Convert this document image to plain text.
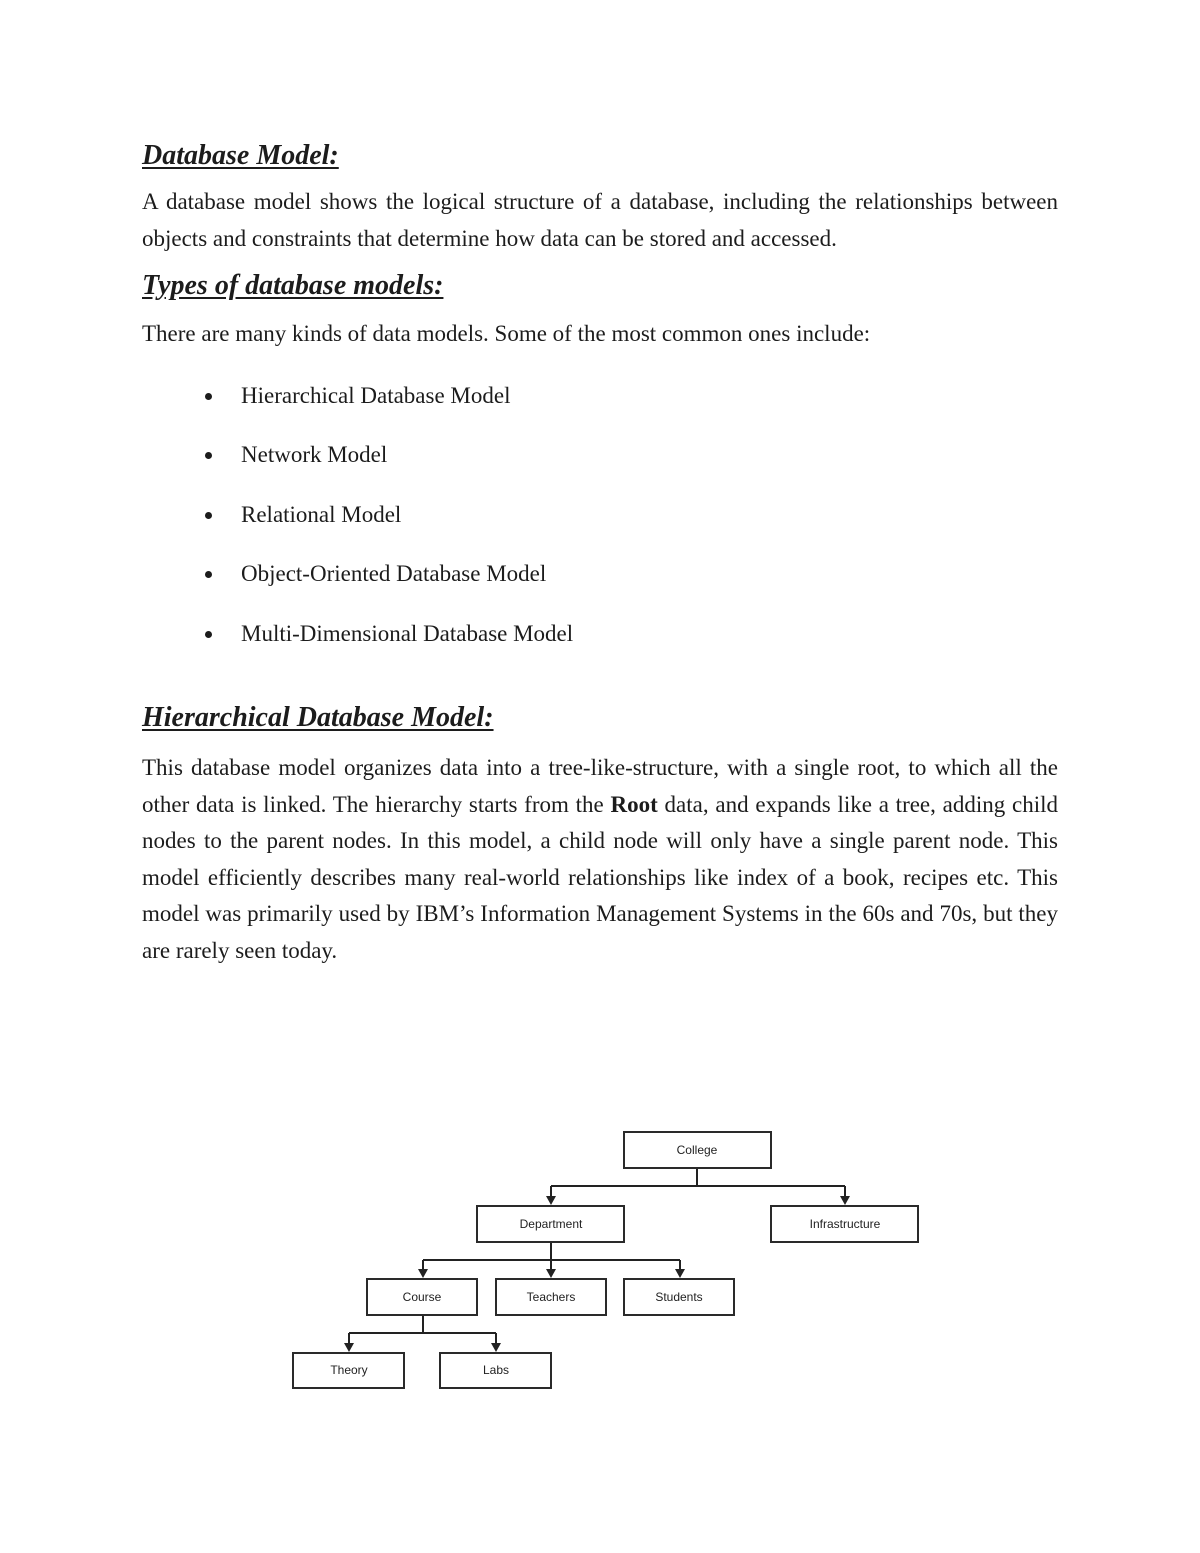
Database Model:

A database model shows the logical structure of a database, including the relationships between objects and constraints that determine how data can be stored and accessed.

Types of database models:

There are many kinds of data models. Some of the most common ones include:

Hierarchical Database Model
Network Model
Relational Model
Object-Oriented Database Model
Multi-Dimensional Database Model
Hierarchical Database Model:

This database model organizes data into a tree-like-structure, with a single root, to which all the other data is linked. The hierarchy starts from the Root data, and expands like a tree, adding child nodes to the parent nodes. In this model, a child node will only have a single parent node. This model efficiently describes many real-world relationships like index of a book, recipes etc. This model was primarily used by IBM’s Information Management Systems in the 60s and 70s, but they are rarely seen today.

College
Department	Infrastructure
Course	Teachers	Students
Theory	Labs
